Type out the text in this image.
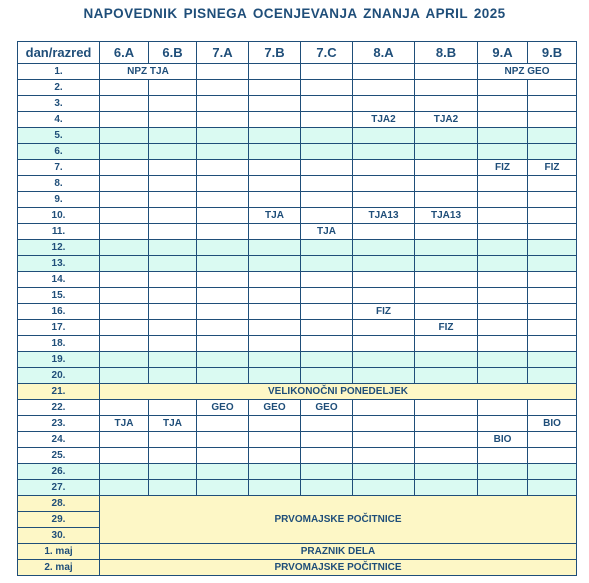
NAPOVEDNIK PISNEGA OCENJEVANJA ZNANJA APRIL 2025
dan/razred	6.A	6.B	7.A	7.B	7.C	8.A	8.B	9.A	9.B
1.	NPZ TJA							NPZ GEO	
2.									
3.									
4.						TJA2	TJA2		
5.									
6.									
7.								FIZ	FIZ
8.									
9.									
10.				TJA		TJA13	TJA13		
11.					TJA				
12.									
13.									
14.									
15.									
16.						FIZ			
17.							FIZ		
18.									
19.									
20.									
21.	VELIKONOČNI PONEDELJEK								
22.			GEO	GEO	GEO				
23.	TJA	TJA							BIO
24.								BIO	
25.									
26.									
27.									
28.	PRVOMAJSKE POČITNICE								
29.									
30.									
1. maj	PRAZNIK DELA								
2. maj	PRVOMAJSKE POČITNICE								
